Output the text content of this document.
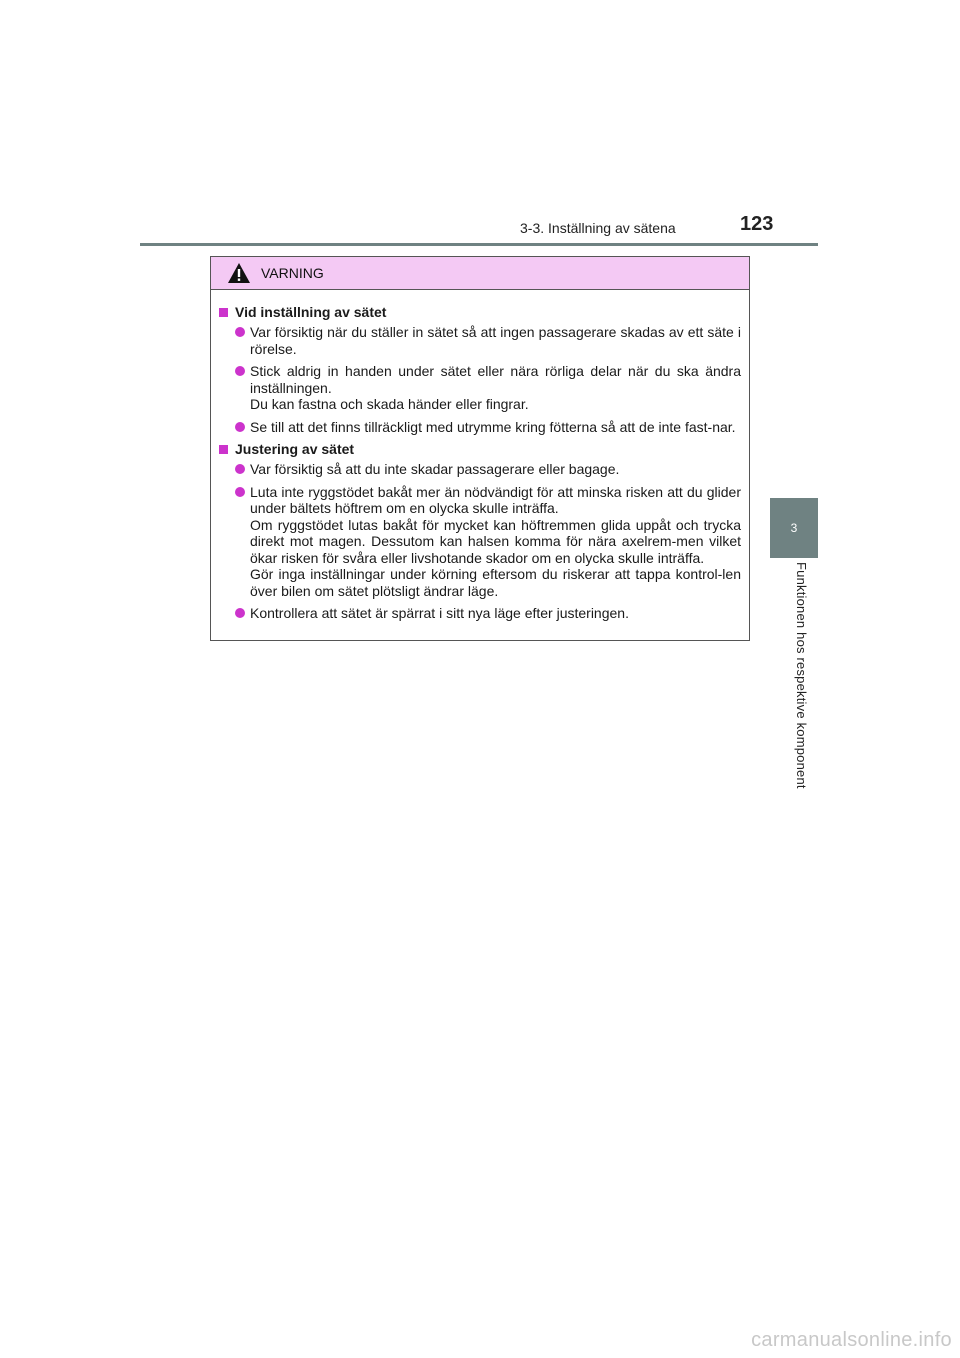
3-3. Inställning av sätena	123
3
Funktionen hos respektive komponent
VARNING
Vid inställning av sätet
Var försiktig när du ställer in sätet så att ingen passagerare skadas av ett säte i rörelse.
Stick aldrig in handen under sätet eller nära rörliga delar när du ska ändra inställningen.
Du kan fastna och skada händer eller fingrar.
Se till att det finns tillräckligt med utrymme kring fötterna så att de inte fast-nar.
Justering av sätet
Var försiktig så att du inte skadar passagerare eller bagage.
Luta inte ryggstödet bakåt mer än nödvändigt för att minska risken att du glider under bältets höftrem om en olycka skulle inträffa.
Om ryggstödet lutas bakåt för mycket kan höftremmen glida uppåt och trycka direkt mot magen. Dessutom kan halsen komma för nära axelrem-men vilket ökar risken för svåra eller livshotande skador om en olycka skulle inträffa.
Gör inga inställningar under körning eftersom du riskerar att tappa kontrol-len över bilen om sätet plötsligt ändrar läge.
Kontrollera att sätet är spärrat i sitt nya läge efter justeringen.
carmanualsonline.info
